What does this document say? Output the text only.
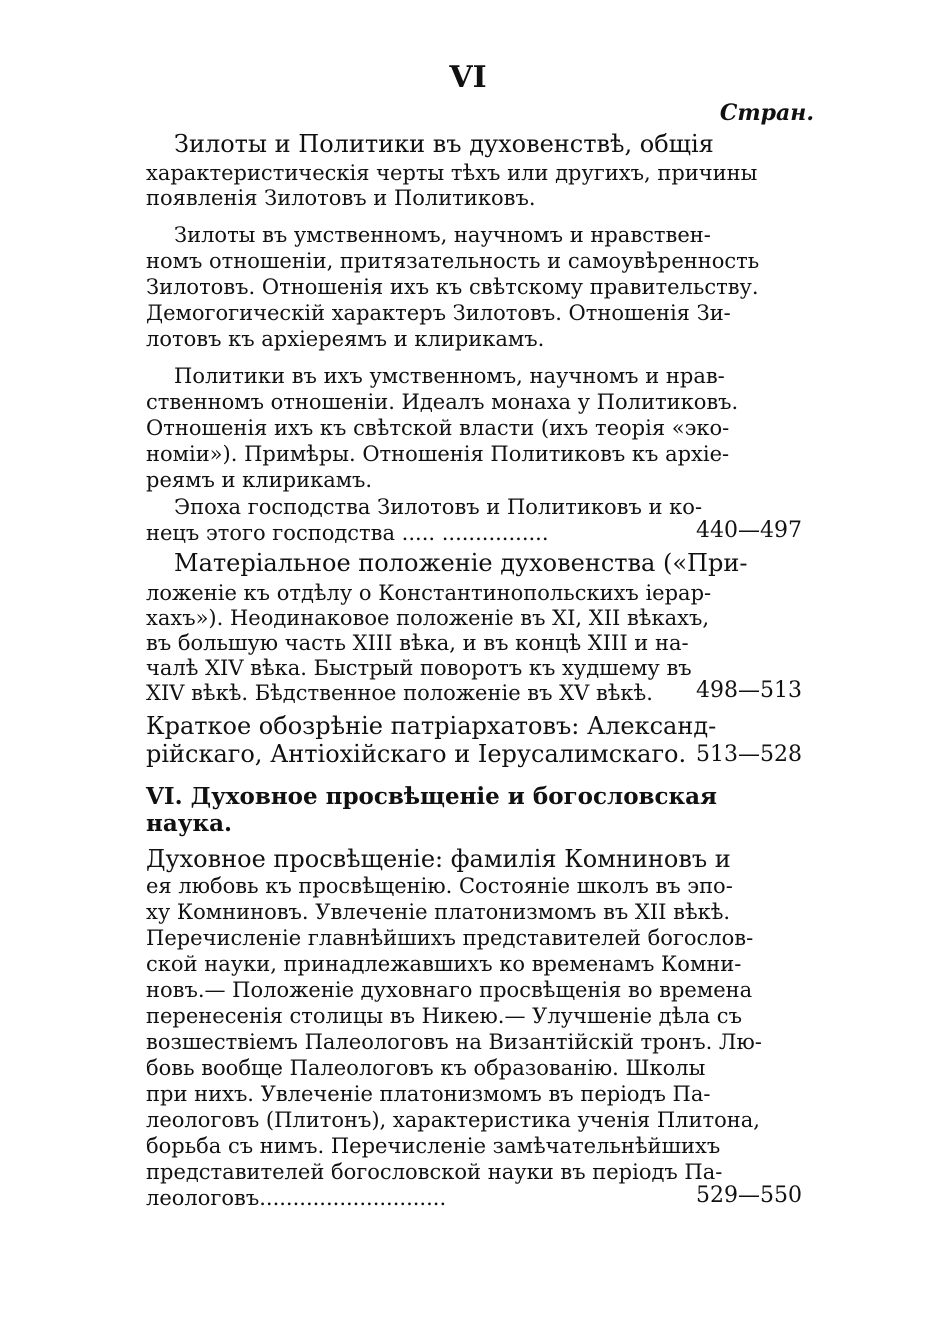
VI
Стран.
Зилоты и Политики въ духовенствѣ, общія
характеристическія черты тѣхъ или другихъ, причины
появленія Зилотовъ и Политиковъ.
Зилоты въ умственномъ, научномъ и нравствен-
номъ отношеніи, притязательность и самоувѣренность
Зилотовъ. Отношенія ихъ къ свѣтскому правительству.
Демогогическій характеръ Зилотовъ. Отношенія Зи-
лотовъ къ архіереямъ и клирикамъ.
Политики въ ихъ умственномъ, научномъ и нрав-
ственномъ отношеніи. Идеалъ монаха у Политиковъ.
Отношенія ихъ къ свѣтской власти (ихъ теорія «эко-
номіи»). Примѣры. Отношенія Политиковъ къ архіе-
реямъ и клирикамъ.
Эпоха господства Зилотовъ и Политиковъ и ко-
нецъ этого господства ..... ................	440—497
Матеріальное положеніе духовенства («При-
ложеніе къ отдѣлу о Константинопольскихъ іерар-
хахъ»). Неодинаковое положеніе въ XI, XII вѣкахъ,
въ большую часть XIII вѣка, и въ концѣ XIII и на-
чалѣ XIV вѣка. Быстрый поворотъ къ худшему въ
XIV вѣкѣ. Бѣдственное положеніе въ XV вѣкѣ.	498—513
Краткое обозрѣніе патріархатовъ: Александ-
рійскаго, Антіохійскаго и Іерусалимскаго. 513—528
VI. Духовное просвѣщеніе и богословская
наука.
Духовное просвѣщеніе: фамилія Комниновъ и
ея любовь къ просвѣщенію. Состояніе школъ въ эпо-
ху Комниновъ. Увлеченіе платонизмомъ въ XII вѣкѣ.
Перечисленіе главнѣйшихъ представителей богослов-
ской науки, принадлежавшихъ ко временамъ Комни-
новъ.— Положеніе духовнаго просвѣщенія во времена
перенесенія столицы въ Никею.— Улучшеніе дѣла съ
возшествіемъ Палеологовъ на Византійскій тронъ. Лю-
бовь вообще Палеологовъ къ образованію. Школы
при нихъ. Увлеченіе платонизмомъ въ періодъ Па-
леологовъ (Плитонъ), характеристика ученія Плитона,
борьба съ нимъ. Перечисленіе замѣчательнѣйшихъ
представителей богословской науки въ періодъ Па-
леологовъ............................	529—550
